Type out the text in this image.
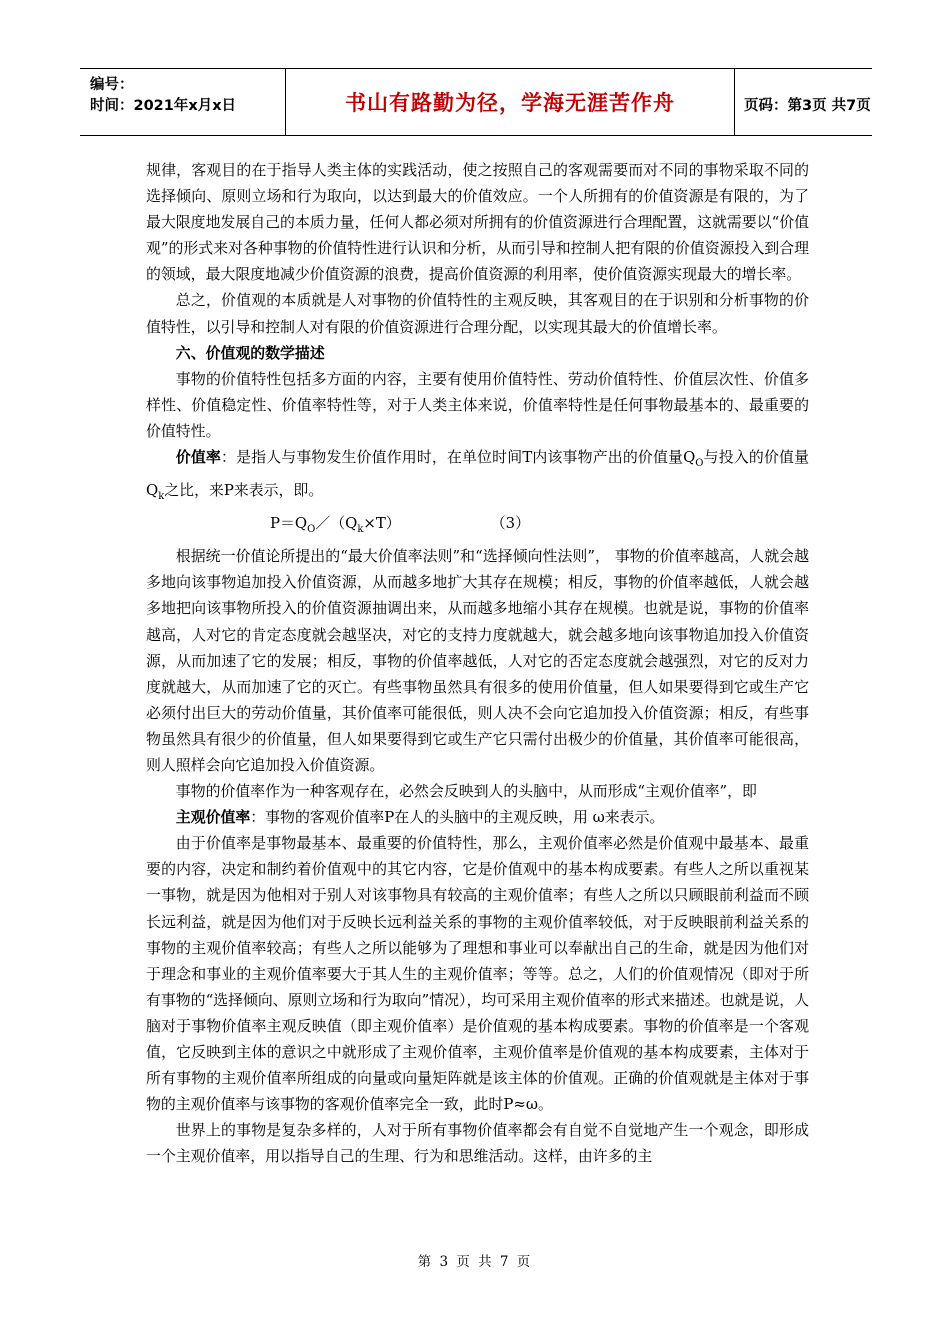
编号：
时间：2021年x月x日	书山有路勤为径，学海无涯苦作舟	页码：第3页 共7页

规律，客观目的在于指导人类主体的实践活动，使之按照自己的客观需要而对不同的事物采取不同的选择倾向、原则立场和行为取向，以达到最大的价值效应。一个人所拥有的价值资源是有限的，为了最大限度地发展自己的本质力量，任何人都必须对所拥有的价值资源进行合理配置，这就需要以“价值观”的形式来对各种事物的价值特性进行认识和分析，从而引导和控制人把有限的价值资源投入到合理的领域，最大限度地减少价值资源的浪费，提高价值资源的利用率，使价值资源实现最大的增长率。

总之，价值观的本质就是人对事物的价值特性的主观反映，其客观目的在于识别和分析事物的价值特性，以引导和控制人对有限的价值资源进行合理分配，以实现其最大的价值增长率。

六、价值观的数学描述

事物的价值特性包括多方面的内容，主要有使用价值特性、劳动价值特性、价值层次性、价值多样性、价值稳定性、价值率特性等，对于人类主体来说，价值率特性是任何事物最基本的、最重要的价值特性。

价值率：是指人与事物发生价值作用时，在单位时间T内该事物产出的价值量$Q_O$与投入的价值量$Q_k$之比，来P来表示，即。

$P=Q_O/(Q_k\times T)$	（3）

根据统一价值论所提出的“最大价值率法则”和“选择倾向性法则”， 事物的价值率越高，人就会越多地向该事物追加投入价值资源，从而越多地扩大其存在规模；相反，事物的价值率越低，人就会越多地把向该事物所投入的价值资源抽调出来，从而越多地缩小其存在规模。也就是说，事物的价值率越高，人对它的肯定态度就会越坚决，对它的支持力度就越大，就会越多地向该事物追加投入价值资源，从而加速了它的发展；相反，事物的价值率越低，人对它的否定态度就会越强烈，对它的反对力度就越大，从而加速了它的灭亡。有些事物虽然具有很多的使用价值量，但人如果要得到它或生产它必须付出巨大的劳动价值量，其价值率可能很低，则人决不会向它追加投入价值资源；相反，有些事物虽然具有很少的价值量，但人如果要得到它或生产它只需付出极少的价值量，其价值率可能很高，则人照样会向它追加投入价值资源。

事物的价值率作为一种客观存在，必然会反映到人的头脑中，从而形成“主观价值率”，即

主观价值率：事物的客观价值率P在人的头脑中的主观反映，用 ω来表示。

由于价值率是事物最基本、最重要的价值特性，那么，主观价值率必然是价值观中最基本、最重要的内容，决定和制约着价值观中的其它内容，它是价值观中的基本构成要素。有些人之所以重视某一事物，就是因为他相对于别人对该事物具有较高的主观价值率；有些人之所以只顾眼前利益而不顾长远利益，就是因为他们对于反映长远利益关系的事物的主观价值率较低，对于反映眼前利益关系的事物的主观价值率较高；有些人之所以能够为了理想和事业可以奉献出自己的生命，就是因为他们对于理念和事业的主观价值率要大于其人生的主观价值率；等等。总之，人们的价值观情况（即对于所有事物的“选择倾向、原则立场和行为取向”情况），均可采用主观价值率的形式来描述。也就是说，人脑对于事物价值率主观反映值（即主观价值率）是价值观的基本构成要素。事物的价值率是一个客观值，它反映到主体的意识之中就形成了主观价值率，主观价值率是价值观的基本构成要素，主体对于所有事物的主观价值率所组成的向量或向量矩阵就是该主体的价值观。正确的价值观就是主体对于事物的主观价值率与该事物的客观价值率完全一致，此时P≈ω。

世界上的事物是复杂多样的，人对于所有事物价值率都会有自觉不自觉地产生一个观念，即形成一个主观价值率，用以指导自己的生理、行为和思维活动。这样，由许多的主

第 3 页 共 7 页
